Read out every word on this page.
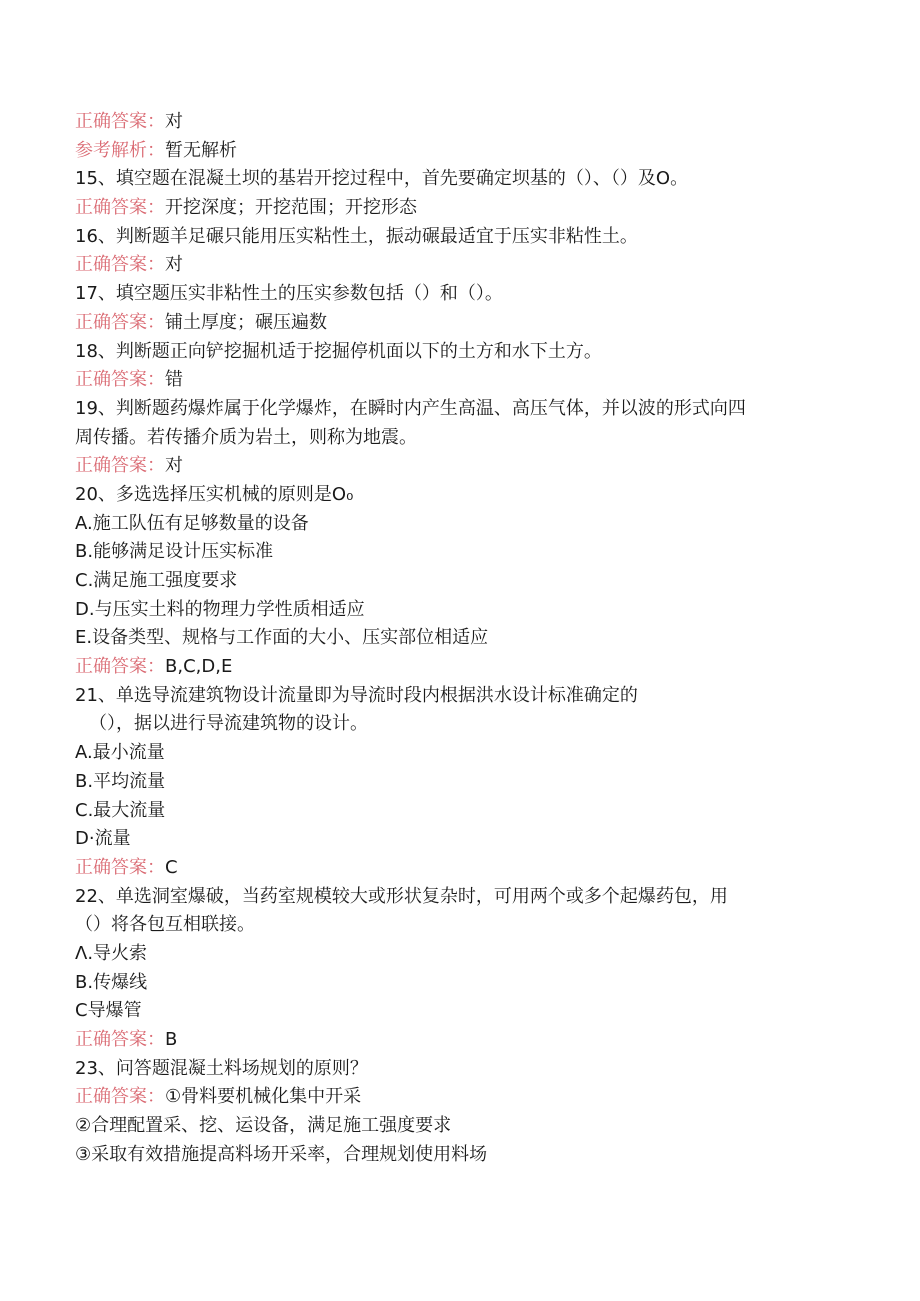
正确答案：对
参考解析：暂无解析
15、填空题在混凝土坝的基岩开挖过程中，首先要确定坝基的（）、（）及O。
正确答案：开挖深度；开挖范围；开挖形态
16、判断题羊足碾只能用压实粘性土，振动碾最适宜于压实非粘性土。
正确答案：对
17、填空题压实非粘性土的压实参数包括（）和（）。
正确答案：铺土厚度；碾压遍数
18、判断题正向铲挖掘机适于挖掘停机面以下的土方和水下土方。
正确答案：错
19、判断题药爆炸属于化学爆炸，在瞬时内产生高温、高压气体，并以波的形式向四
周传播。若传播介质为岩土，则称为地震。
正确答案：对
20、多选选择压实机械的原则是O₀
A.施工队伍有足够数量的设备
B.能够满足设计压实标准
C.满足施工强度要求
D.与压实土料的物理力学性质相适应
E.设备类型、规格与工作面的大小、压实部位相适应
正确答案：B,C,D,E
21、单选导流建筑物设计流量即为导流时段内根据洪水设计标准确定的
（），据以进行导流建筑物的设计。
A.最小流量
B.平均流量
C.最大流量
D·流量
正确答案：C
22、单选洞室爆破，当药室规模较大或形状复杂时，可用两个或多个起爆药包，用
（）将各包互相联接。
Λ.导火索
B.传爆线
C导爆管
正确答案：B
23、问答题混凝土料场规划的原则？
正确答案：①骨料要机械化集中开采
②合理配置采、挖、运设备，满足施工强度要求
③采取有效措施提高料场开采率，合理规划使用料场
